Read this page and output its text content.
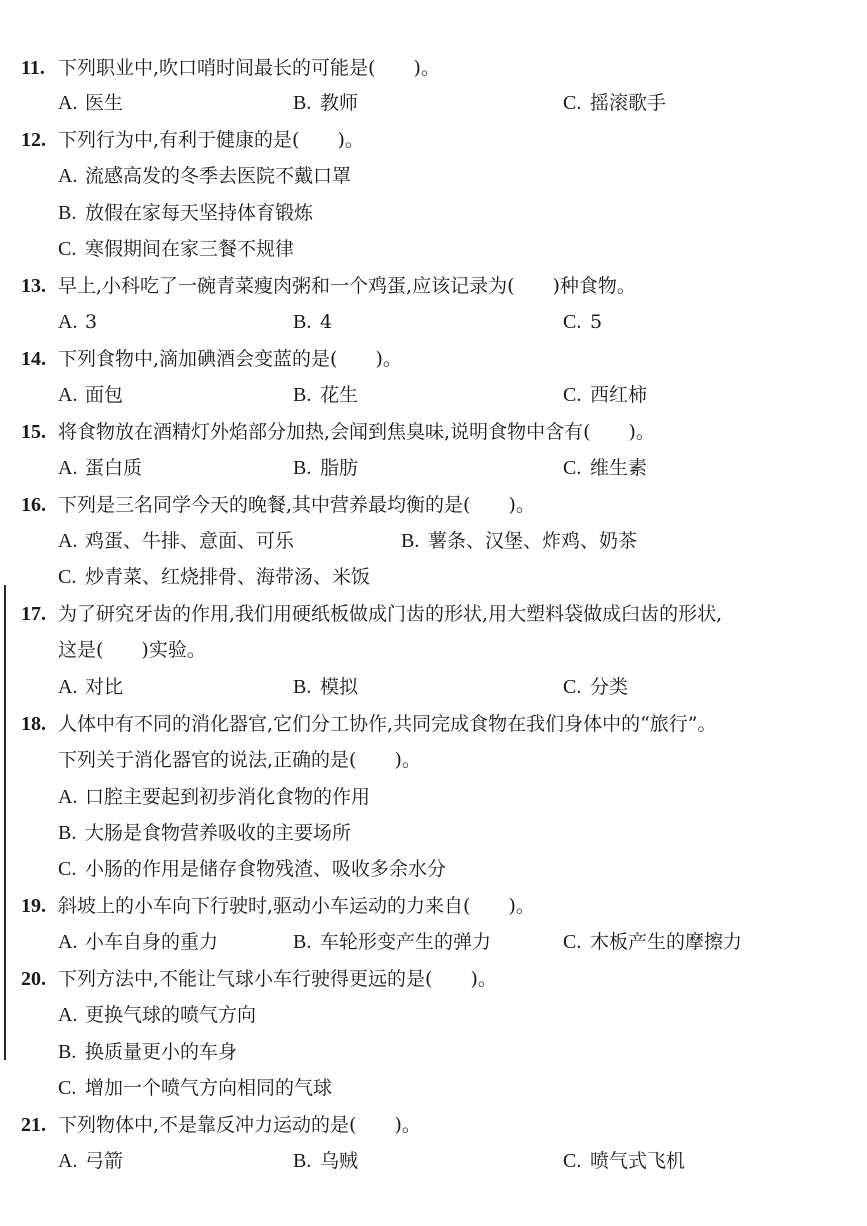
11. 下列职业中,吹口哨时间最长的可能是(　　)。
A. 医生	B. 教师	C. 摇滚歌手
12. 下列行为中,有利于健康的是(　　)。
A. 流感高发的冬季去医院不戴口罩
B. 放假在家每天坚持体育锻炼
C. 寒假期间在家三餐不规律
13. 早上,小科吃了一碗青菜瘦肉粥和一个鸡蛋,应该记录为(　　)种食物。
A. 3	B. 4	C. 5
14. 下列食物中,滴加碘酒会变蓝的是(　　)。
A. 面包	B. 花生	C. 西红柿
15. 将食物放在酒精灯外焰部分加热,会闻到焦臭味,说明食物中含有(　　)。
A. 蛋白质	B. 脂肪	C. 维生素
16. 下列是三名同学今天的晚餐,其中营养最均衡的是(　　)。
A. 鸡蛋、牛排、意面、可乐	B. 薯条、汉堡、炸鸡、奶茶
C. 炒青菜、红烧排骨、海带汤、米饭
17. 为了研究牙齿的作用,我们用硬纸板做成门齿的形状,用大塑料袋做成臼齿的形状,
这是(　　)实验。
A. 对比	B. 模拟	C. 分类
18. 人体中有不同的消化器官,它们分工协作,共同完成食物在我们身体中的“旅行”。
下列关于消化器官的说法,正确的是(　　)。
A. 口腔主要起到初步消化食物的作用
B. 大肠是食物营养吸收的主要场所
C. 小肠的作用是储存食物残渣、吸收多余水分
19. 斜坡上的小车向下行驶时,驱动小车运动的力来自(　　)。
A. 小车自身的重力	B. 车轮形变产生的弹力	C. 木板产生的摩擦力
20. 下列方法中,不能让气球小车行驶得更远的是(　　)。
A. 更换气球的喷气方向
B. 换质量更小的车身
C. 增加一个喷气方向相同的气球
21. 下列物体中,不是靠反冲力运动的是(　　)。
A. 弓箭	B. 乌贼	C. 喷气式飞机
